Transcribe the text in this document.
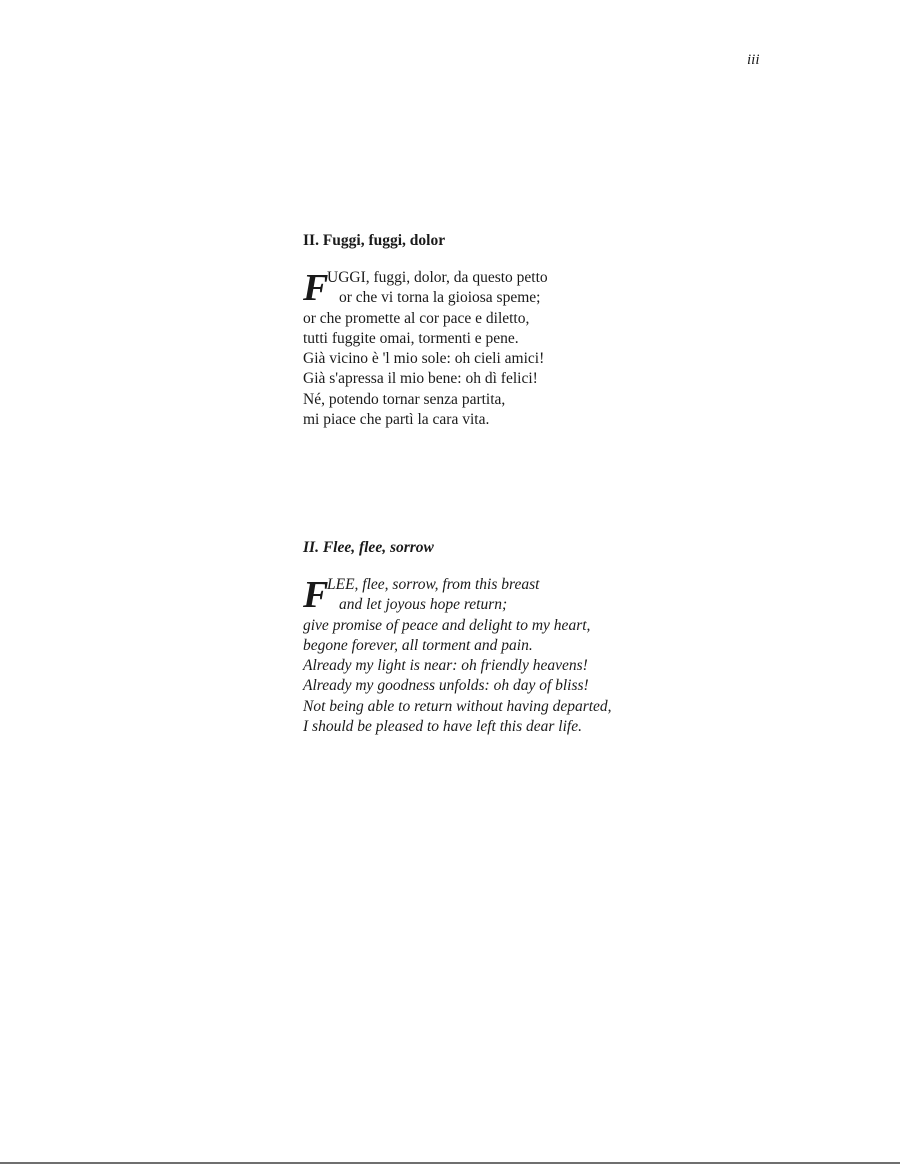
iii
II. Fuggi, fuggi, dolor
F
UGGI, fuggi, dolor, da questo petto
or che vi torna la gioiosa speme;
or che promette al cor pace e diletto,
tutti fuggite omai, tormenti e pene.
Già vicino è 'l mio sole: oh cieli amici!
Già s'apressa il mio bene: oh dì felici!
Né, potendo tornar senza partita,
mi piace che partì la cara vita.
II. Flee, flee, sorrow
F
LEE, flee, sorrow, from this breast
and let joyous hope return;
give promise of peace and delight to my heart,
begone forever, all torment and pain.
Already my light is near: oh friendly heavens!
Already my goodness unfolds: oh day of bliss!
Not being able to return without having departed,
I should be pleased to have left this dear life.
